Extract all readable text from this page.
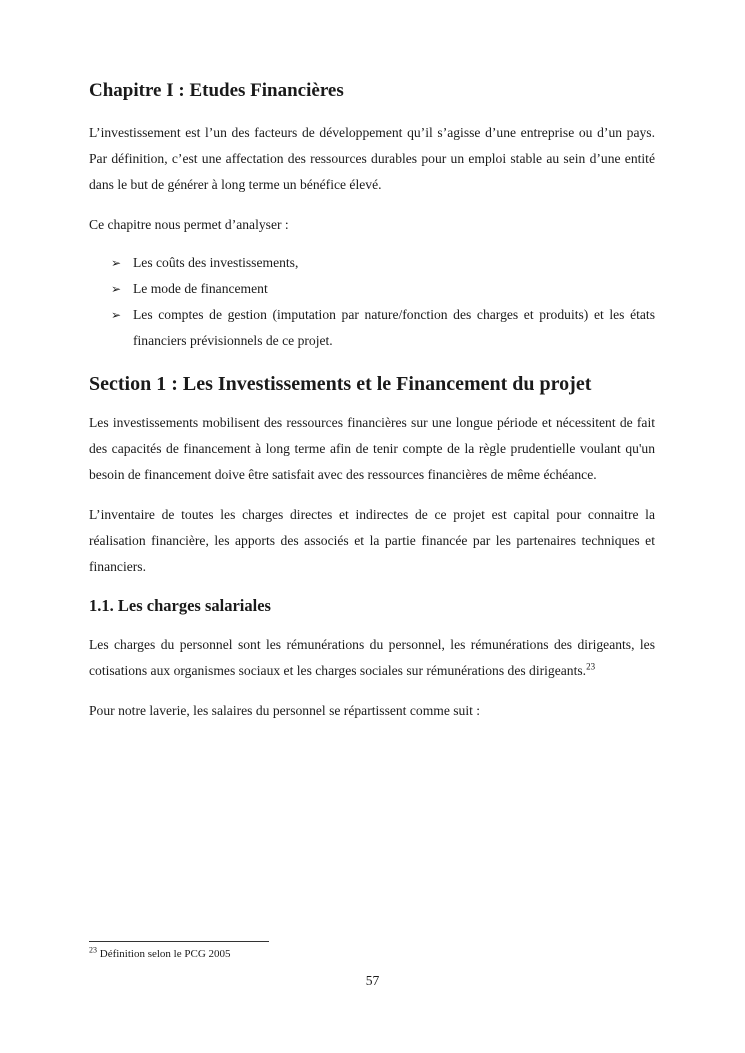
Chapitre I : Etudes Financières

L’investissement est l’un des facteurs de développement qu’il s’agisse d’une entreprise ou d’un pays. Par définition, c’est une affectation des ressources durables pour un emploi stable au sein d’une entité dans le but de générer à long terme un bénéfice élevé.

Ce chapitre nous permet d’analyser :

➢ Les coûts des investissements,
➢ Le mode de financement
➢ Les comptes de gestion (imputation par nature/fonction des charges et produits) et les états financiers prévisionnels de ce projet.
Section 1 : Les Investissements et le Financement du projet

Les investissements mobilisent des ressources financières sur une longue période et nécessitent de fait des capacités de financement à long terme afin de tenir compte de la règle prudentielle voulant qu'un besoin de financement doive être satisfait avec des ressources financières de même échéance.

L’inventaire de toutes les charges directes et indirectes de ce projet est capital pour connaitre la réalisation financière, les apports des associés et la partie financée par les partenaires techniques et financiers.

1.1. Les charges salariales

Les charges du personnel sont les rémunérations du personnel, les rémunérations des dirigeants, les cotisations aux organismes sociaux et les charges sociales sur rémunérations des dirigeants.$^{23}$

Pour notre laverie, les salaires du personnel se répartissent comme suit :

$^{23}$ Définition selon le PCG 2005
57
